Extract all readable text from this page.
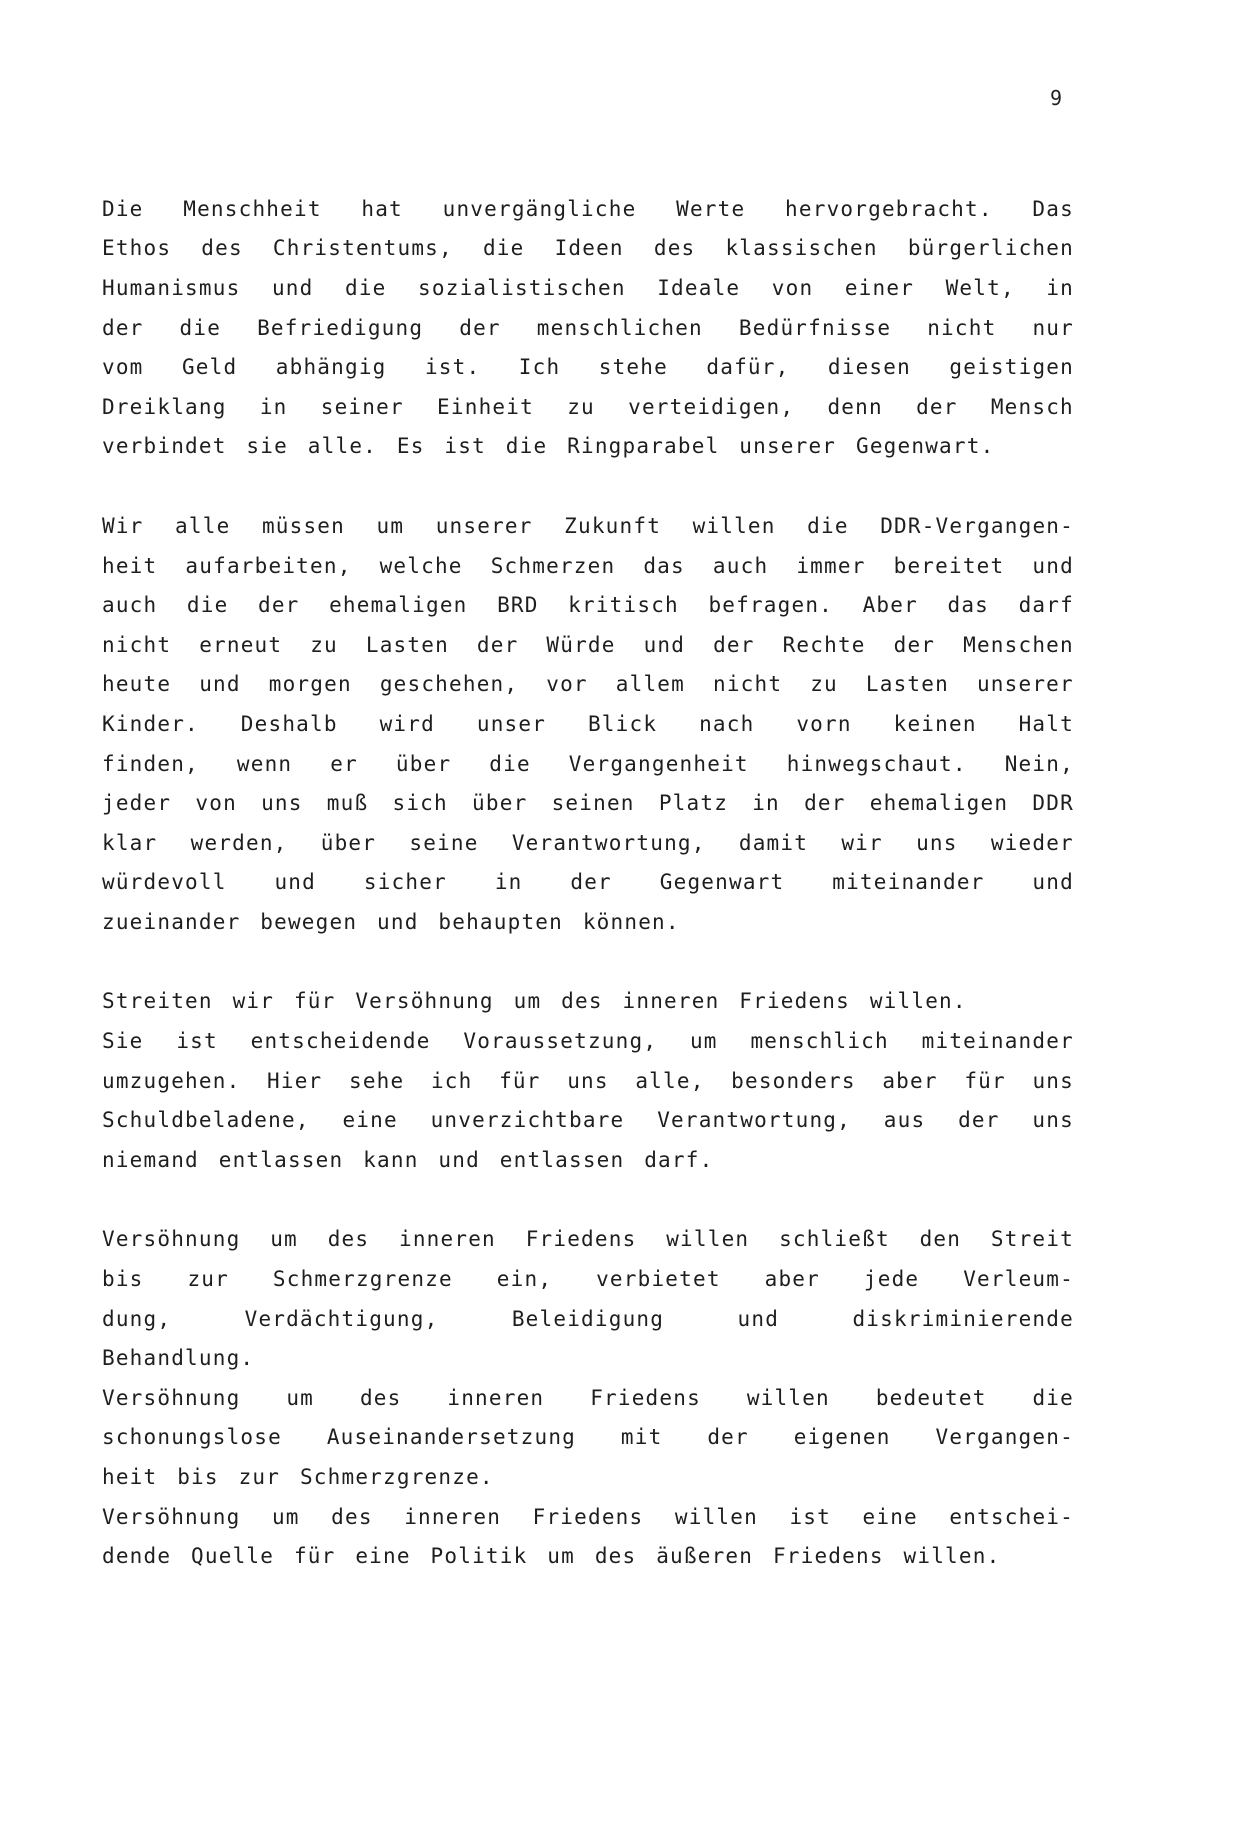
9
Die Menschheit hat unvergängliche Werte hervorgebracht. Das
Ethos des Christentums, die Ideen des klassischen bürgerlichen
Humanismus und die sozialistischen Ideale von einer Welt, in
der die Befriedigung der menschlichen Bedürfnisse nicht nur
vom Geld abhängig ist. Ich stehe dafür, diesen geistigen
Dreiklang in seiner Einheit zu verteidigen, denn der Mensch
verbindet sie alle. Es ist die Ringparabel unserer Gegenwart.
Wir alle müssen um unserer Zukunft willen die DDR-Vergangen-
heit aufarbeiten, welche Schmerzen das auch immer bereitet und
auch die der ehemaligen BRD kritisch befragen. Aber das darf
nicht erneut zu Lasten der Würde und der Rechte der Menschen
heute und morgen geschehen, vor allem nicht zu Lasten unserer
Kinder. Deshalb wird unser Blick nach vorn keinen Halt
finden, wenn er über die Vergangenheit hinwegschaut. Nein,
jeder von uns muß sich über seinen Platz in der ehemaligen DDR
klar werden, über seine Verantwortung, damit wir uns wieder
würdevoll und sicher in der Gegenwart miteinander und
zueinander bewegen und behaupten können.
Streiten wir für Versöhnung um des inneren Friedens willen.
Sie ist entscheidende Voraussetzung, um menschlich miteinander
umzugehen. Hier sehe ich für uns alle, besonders aber für uns
Schuldbeladene, eine unverzichtbare Verantwortung, aus der uns
niemand entlassen kann und entlassen darf.
Versöhnung um des inneren Friedens willen schließt den Streit
bis zur Schmerzgrenze ein, verbietet aber jede Verleum-
dung,	Verdächtigung,	Beleidigung	und	diskriminierende
Behandlung.
Versöhnung um des inneren Friedens willen bedeutet die
schonungslose Auseinandersetzung mit der eigenen Vergangen-
heit bis zur Schmerzgrenze.
Versöhnung um des inneren Friedens willen ist eine entschei-
dende Quelle für eine Politik um des äußeren Friedens willen.
